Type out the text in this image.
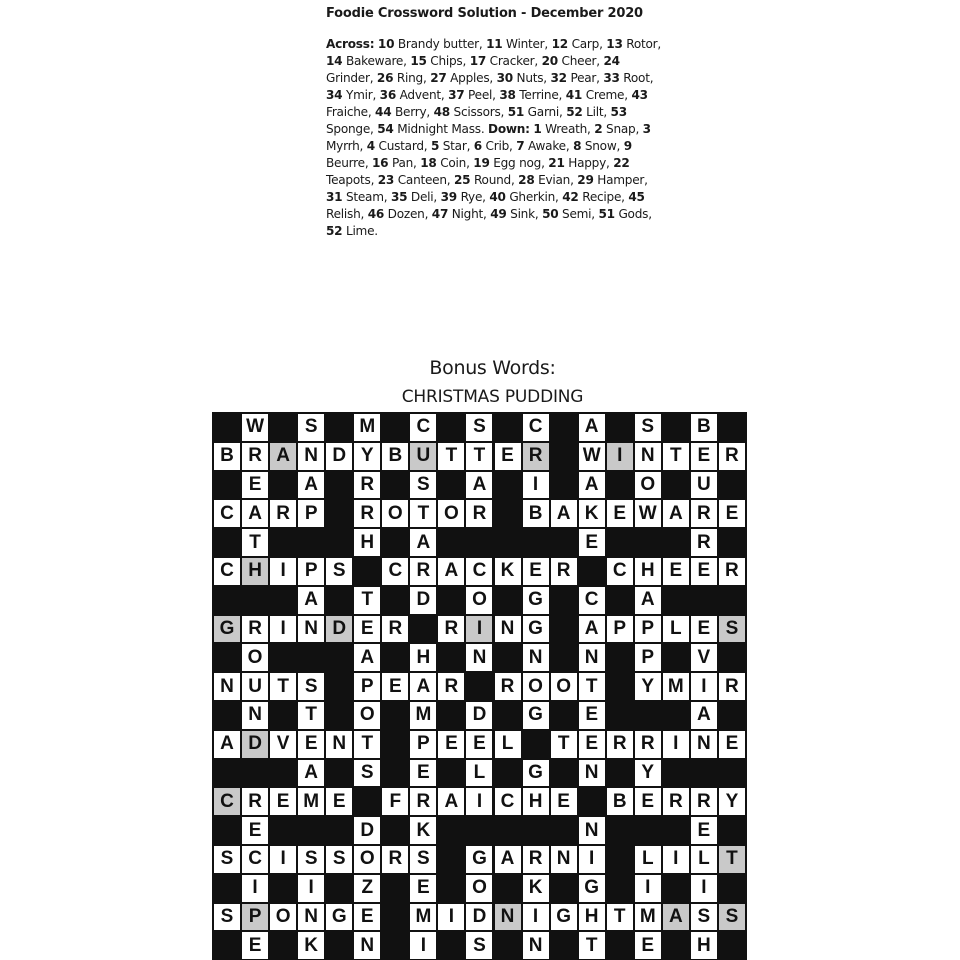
Foodie Crossword Solution - December 2020

Across: 10 Brandy butter, 11 Winter, 12 Carp, 13 Rotor, 14 Bakeware, 15 Chips, 17 Cracker, 20 Cheer, 24 Grinder, 26 Ring, 27 Apples, 30 Nuts, 32 Pear, 33 Root, 34 Ymir, 36 Advent, 37 Peel, 38 Terrine, 41 Creme, 43 Fraiche, 44 Berry, 48 Scissors, 51 Garni, 52 Lilt, 53 Sponge, 54 Midnight Mass. Down: 1 Wreath, 2 Snap, 3 Myrrh, 4 Custard, 5 Star, 6 Crib, 7 Awake, 8 Snow, 9 Beurre, 16 Pan, 18 Coin, 19 Egg nog, 21 Happy, 22 Teapots, 23 Canteen, 25 Round, 28 Evian, 29 Hamper, 31 Steam, 35 Deli, 39 Rye, 40 Gherkin, 42 Recipe, 45 Relish, 46 Dozen, 47 Night, 49 Sink, 50 Semi, 51 Gods, 52 Lime.

Bonus Words:
CHRISTMAS PUDDING
W	S	M	C	S	C	A	S	B
B R A N D Y B U T T E R	W I N T E R
E	A	R	S	A	I	A	O	U
C A R P	R O T O R	B A K E W A R E
T	H	A	E	R
C H I	P S	C R A C K E R	C H E E R
A	T	D	O G	C	A
G R I N D E R	R I N G	A P P L E S
O	A	H	N	N	N	P	V
N U T S	P E A R	R O O T	Y M I R
N	T	O M	D	G	E	A
A D V E N T	P E E L	T E R R I N E
A	S	E	L	G	N	Y
C R E M E	F R A I C H E	B E R R Y
E	D	K	N	E
S C I	S S O R S	G A R N I	L	I	L T
I	I	Z	E	O	K	G	I	I
S P O N G E	M I D N I G H T M A S S
E	K	N	I	S	N	T	E	H
